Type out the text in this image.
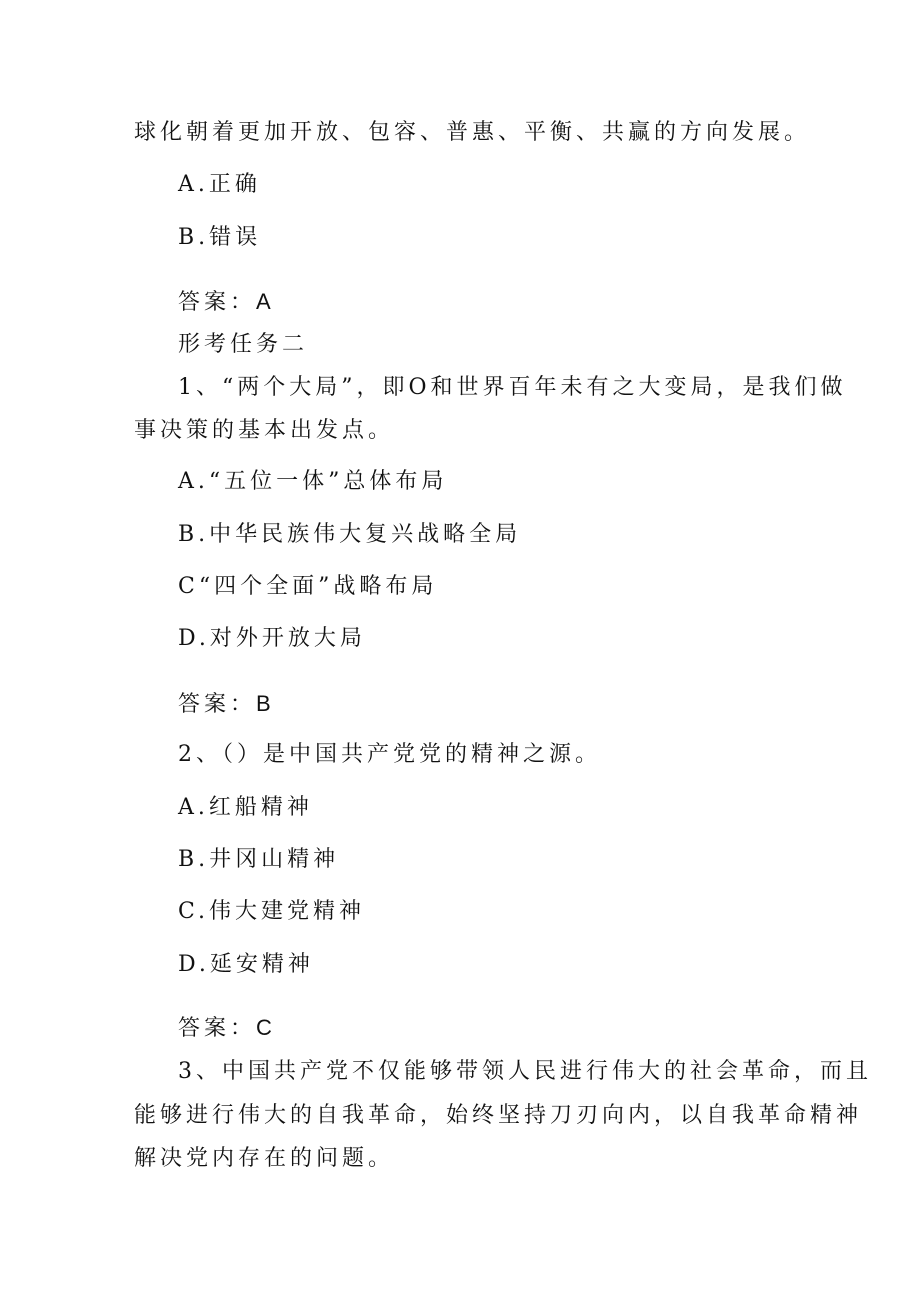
球化朝着更加开放、包容、普惠、平衡、共赢的方向发展。
A.正确
B.错误
答案：A
形考任务二
1、“两个大局”，即O和世界百年未有之大变局，是我们做
事决策的基本出发点。
A.“五位一体”总体布局
B.中华民族伟大复兴战略全局
C“四个全面”战略布局
D.对外开放大局
答案：B
2、（）是中国共产党党的精神之源。
A.红船精神
B.井冈山精神
C.伟大建党精神
D.延安精神
答案：C
3、中国共产党不仅能够带领人民进行伟大的社会革命，而且
能够进行伟大的自我革命，始终坚持刀刃向内，以自我革命精神
解决党内存在的问题。
